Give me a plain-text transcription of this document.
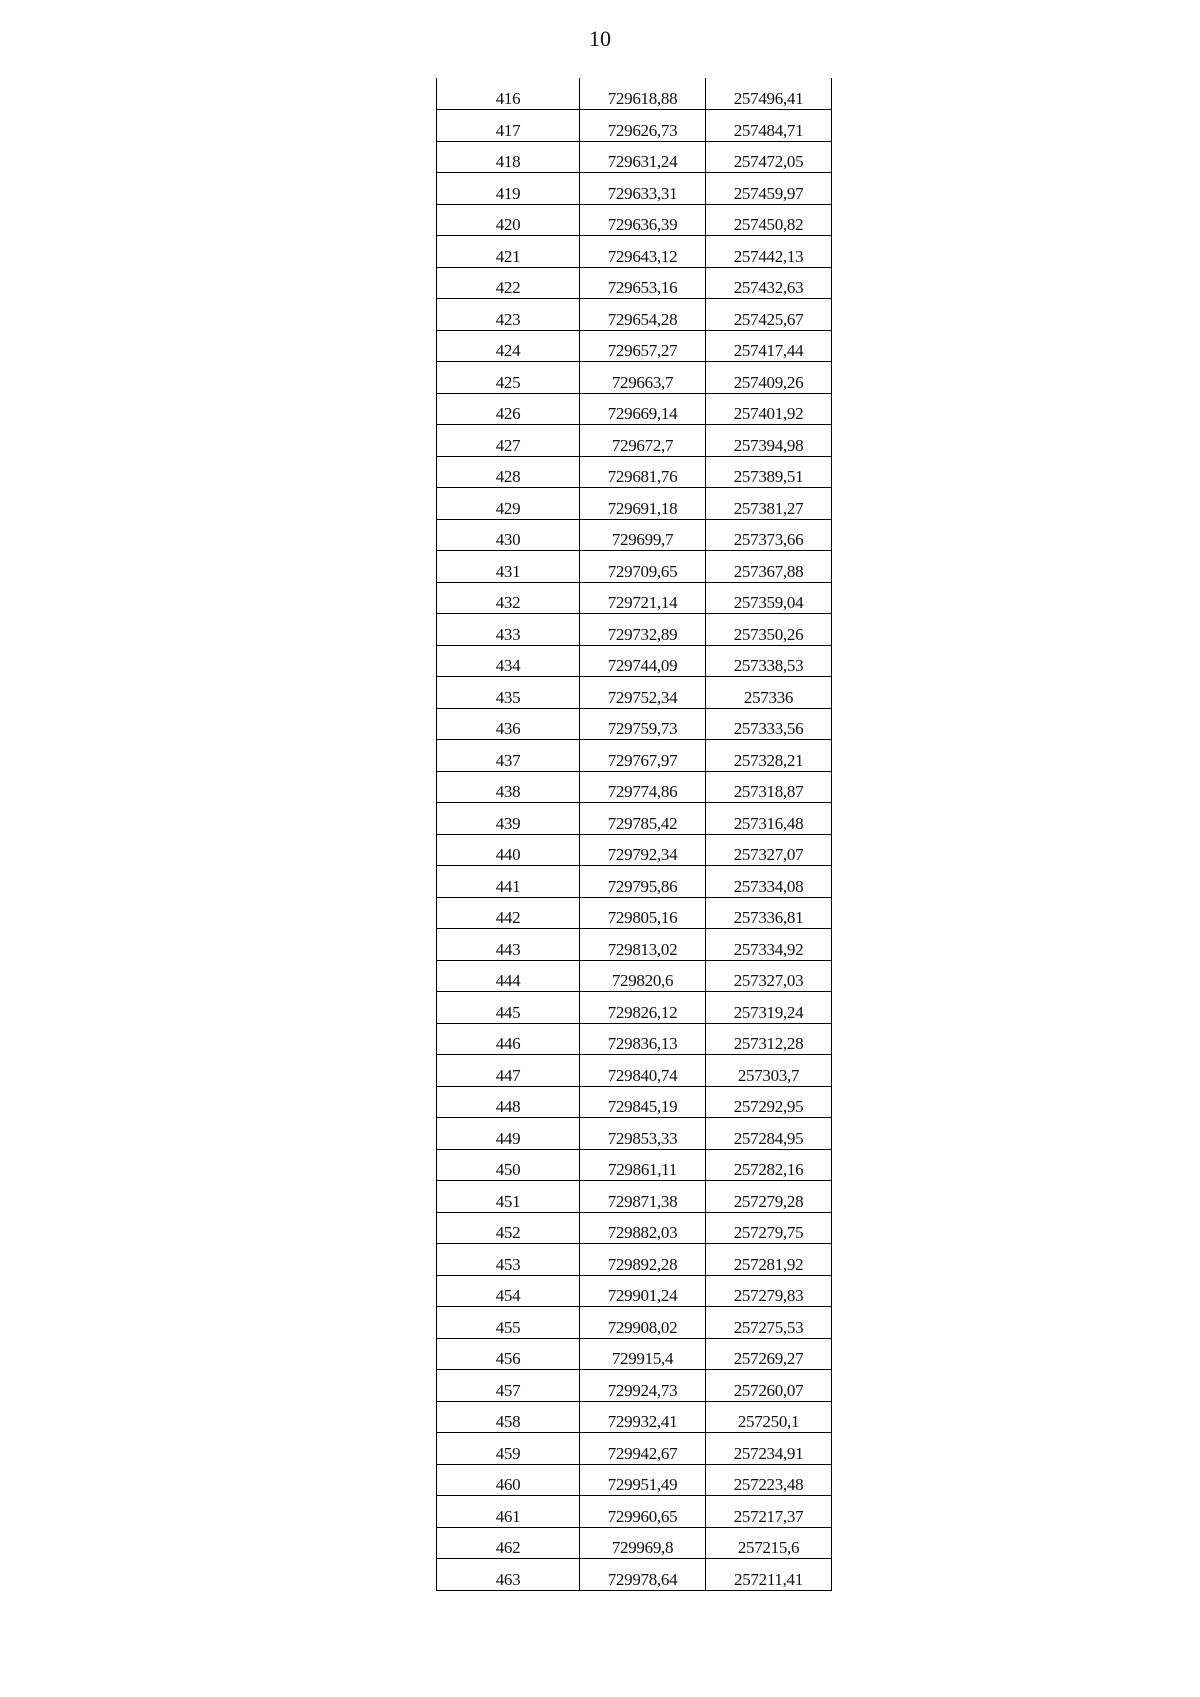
10
416	729618,88	257496,41
417	729626,73	257484,71
418	729631,24	257472,05
419	729633,31	257459,97
420	729636,39	257450,82
421	729643,12	257442,13
422	729653,16	257432,63
423	729654,28	257425,67
424	729657,27	257417,44
425	729663,7	257409,26
426	729669,14	257401,92
427	729672,7	257394,98
428	729681,76	257389,51
429	729691,18	257381,27
430	729699,7	257373,66
431	729709,65	257367,88
432	729721,14	257359,04
433	729732,89	257350,26
434	729744,09	257338,53
435	729752,34	257336
436	729759,73	257333,56
437	729767,97	257328,21
438	729774,86	257318,87
439	729785,42	257316,48
440	729792,34	257327,07
441	729795,86	257334,08
442	729805,16	257336,81
443	729813,02	257334,92
444	729820,6	257327,03
445	729826,12	257319,24
446	729836,13	257312,28
447	729840,74	257303,7
448	729845,19	257292,95
449	729853,33	257284,95
450	729861,11	257282,16
451	729871,38	257279,28
452	729882,03	257279,75
453	729892,28	257281,92
454	729901,24	257279,83
455	729908,02	257275,53
456	729915,4	257269,27
457	729924,73	257260,07
458	729932,41	257250,1
459	729942,67	257234,91
460	729951,49	257223,48
461	729960,65	257217,37
462	729969,8	257215,6
463	729978,64	257211,41
